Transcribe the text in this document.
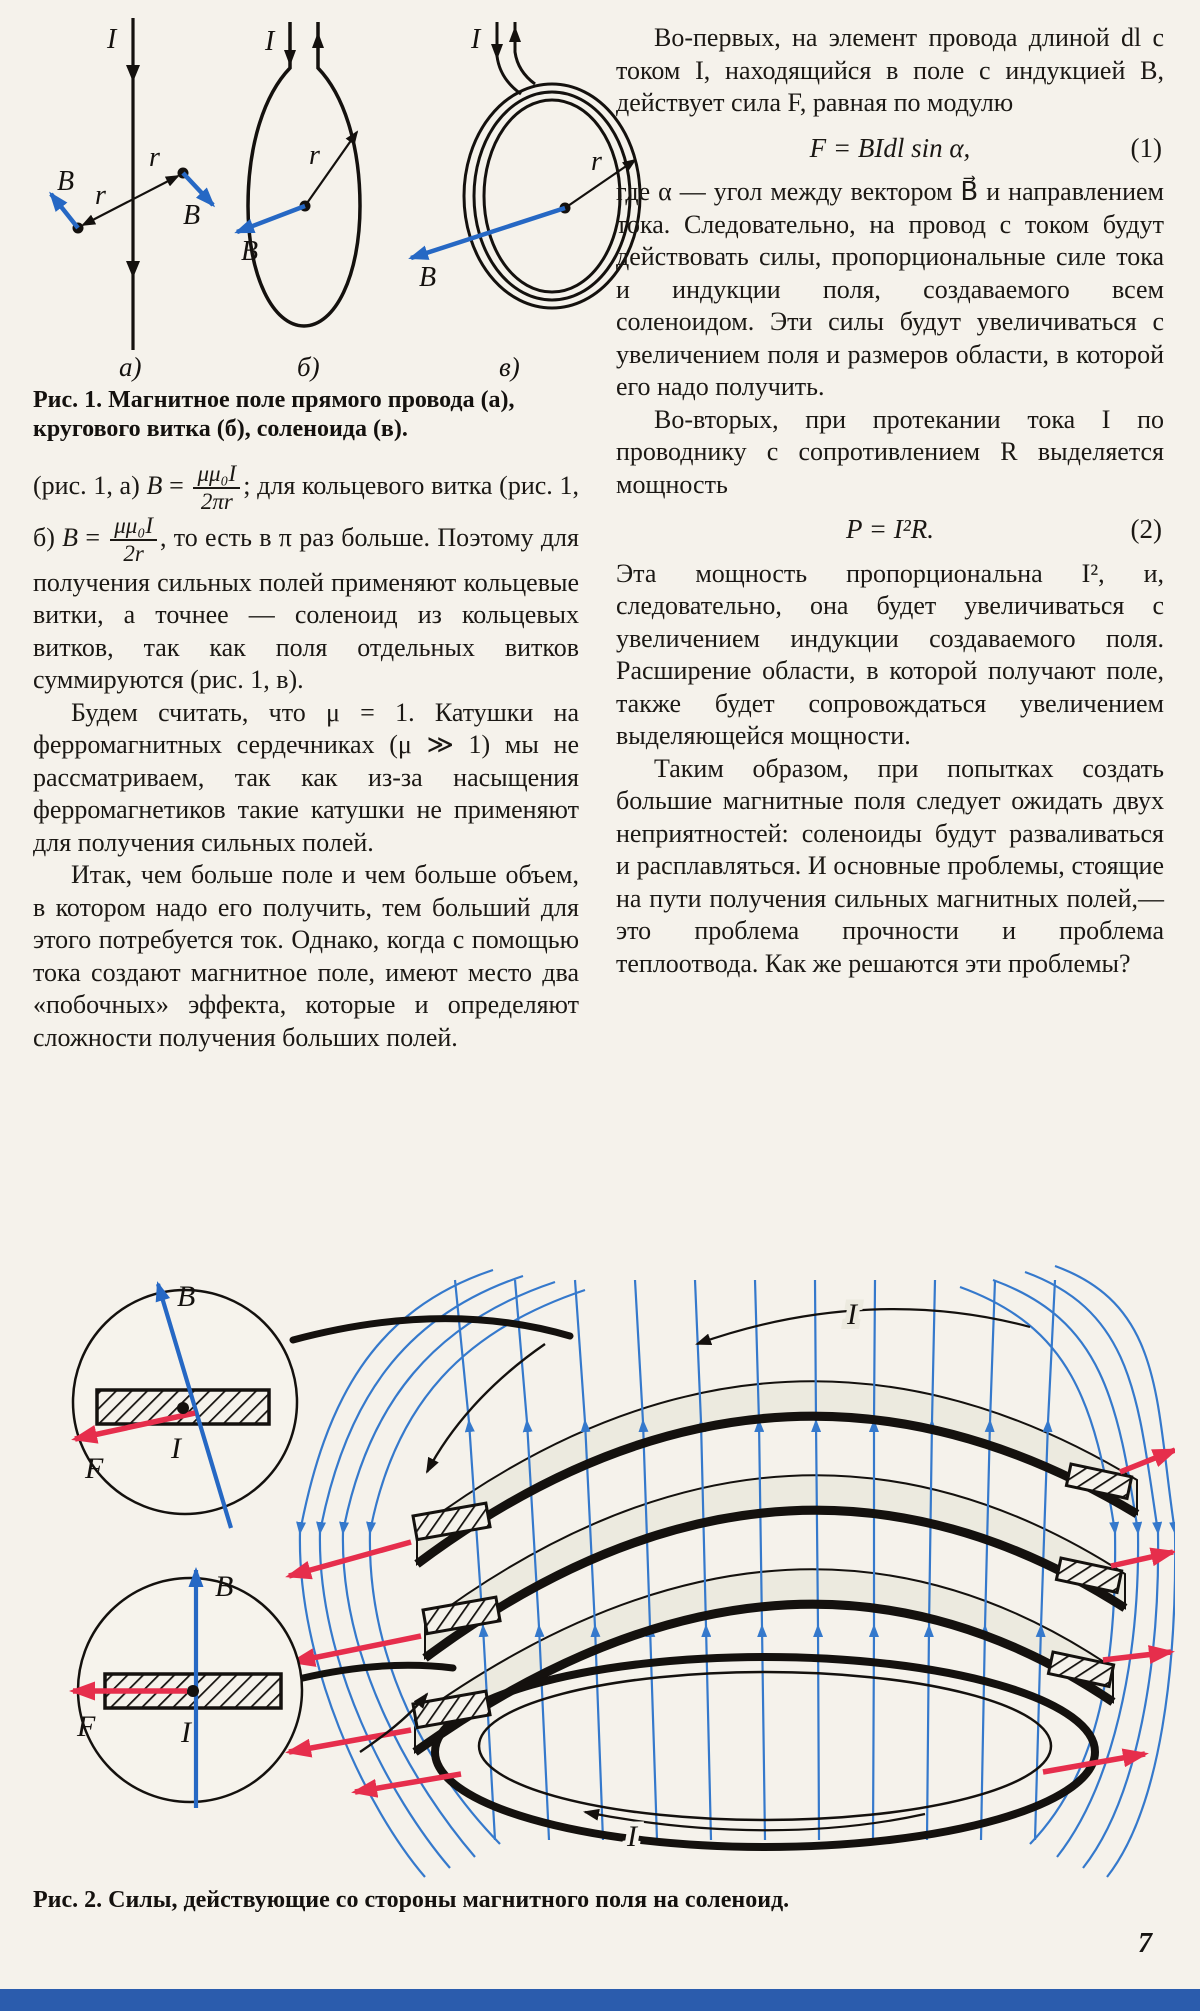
I
r
r
B
B
а)
I
r
B
б)
I
r
B
в)
Рис. 1. Магнитное поле прямого провода (а), кругового витка (б), соленоида (в).

(рис. 1, а) $B = \frac{\text{μμ₀I}}{2\pi r}$ ; для кольцевого витка (рис. 1, б) $B = \frac{\text{μμ₀I}}{2r}$ , то есть в π раз больше. Поэтому для получения сильных полей применяют кольцевые витки, а точнее — соленоид из кольцевых витков, так как поля отдельных витков суммируются (рис. 1, в).

Будем считать, что μ = 1. Катушки на ферромагнитных сердечниках (μ ≫ 1) мы не рассматриваем, так как из-за насыщения ферромагнетиков такие катушки не применяют для получения сильных полей.

Итак, чем больше поле и чем больше объем, в котором надо его получить, тем больший для этого потребуется ток. Однако, когда с помощью тока создают магнитное поле, имеют место два «побочных» эффекта, которые и определяют сложности получения больших полей.

Во-первых, на элемент провода длиной dl с током I, находящийся в поле с индукцией B, действует сила F, равная по модулю

F = BIdl sin α,	(1)

где α — угол между вектором B⃗ и направлением тока. Следовательно, на провод с током будут действовать силы, пропорциональные силе тока и индукции поля, создаваемого всем соленоидом. Эти силы будут увеличиваться с увеличением поля и размеров области, в которой его надо получить.

Во-вторых, при протекании тока I по проводнику с сопротивлением R выделяется мощность

P = I²R.	(2)

Эта мощность пропорциональна I², и, следовательно, она будет увеличиваться с увеличением индукции создаваемого поля. Расширение области, в которой получают поле, также будет сопровождаться увеличением выделяющейся мощности.

Таким образом, при попытках создать большие магнитные поля следует ожидать двух неприятностей: соленоиды будут разваливаться и расплавляться. И основные проблемы, стоящие на пути получения сильных магнитных полей,— это проблема прочности и проблема теплоотвода. Как же решаются эти проблемы?

I
I
B
I
F
B
I
F
Рис. 2. Силы, действующие со стороны магнитного поля на соленоид.
7
